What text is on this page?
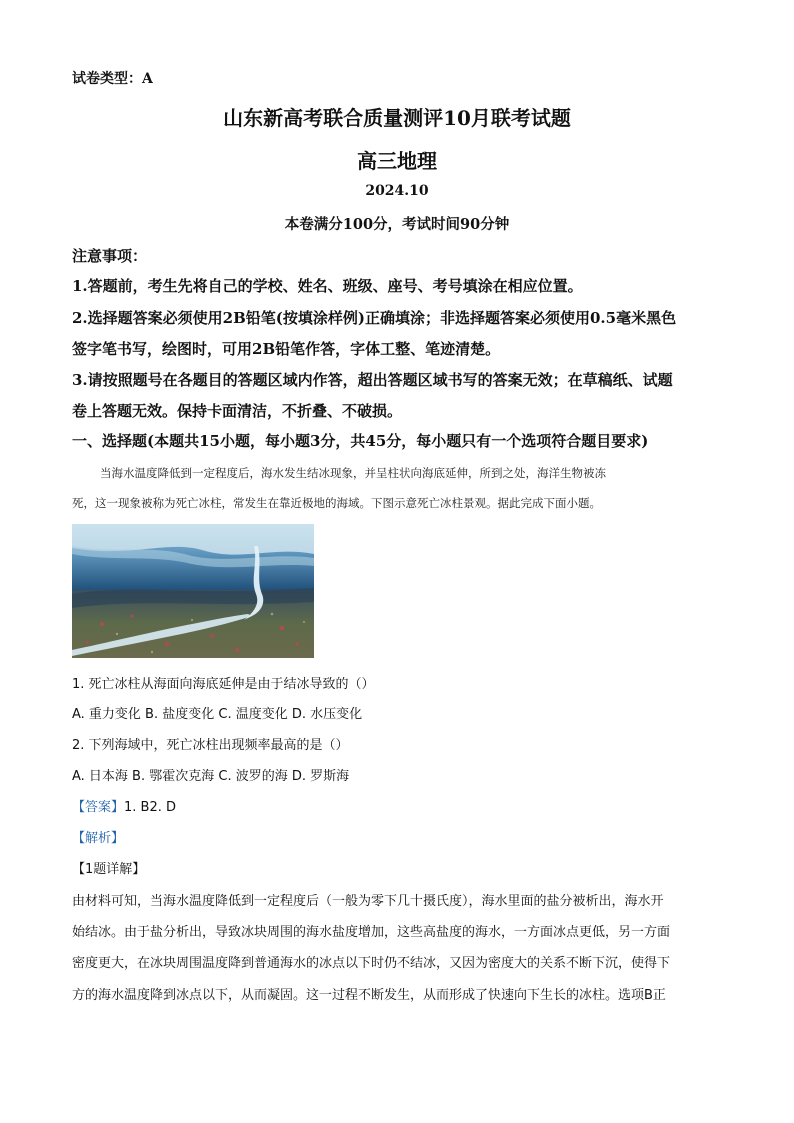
试卷类型：A
山东新高考联合质量测评10月联考试题
高三地理
2024.10
本卷满分100分，考试时间90分钟
注意事项：
1.答题前，考生先将自己的学校、姓名、班级、座号、考号填涂在相应位置。
2.选择题答案必须使用2B铅笔(按填涂样例)正确填涂；非选择题答案必须使用0.5毫米黑色
签字笔书写，绘图时，可用2B铅笔作答，字体工整、笔迹清楚。
3.请按照题号在各题目的答题区域内作答，超出答题区域书写的答案无效；在草稿纸、试题
卷上答题无效。保持卡面清洁，不折叠、不破损。
一、选择题(本题共15小题，每小题3分，共45分，每小题只有一个选项符合题目要求)
当海水温度降低到一定程度后，海水发生结冰现象，并呈柱状向海底延伸，所到之处，海洋生物被冻
死，这一现象被称为死亡冰柱，常发生在靠近极地的海域。下图示意死亡冰柱景观。据此完成下面小题。
1. 死亡冰柱从海面向海底延伸是由于结冰导致的（）
A. 重力变化 B. 盐度变化 C. 温度变化 D. 水压变化
2. 下列海域中，死亡冰柱出现频率最高的是（）
A. 日本海 B. 鄂霍次克海 C. 波罗的海 D. 罗斯海
【答案】1. B2. D
【解析】
【1题详解】
由材料可知，当海水温度降低到一定程度后（一般为零下几十摄氏度），海水里面的盐分被析出，海水开
始结冰。由于盐分析出，导致冰块周围的海水盐度增加，这些高盐度的海水，一方面冰点更低，另一方面
密度更大，在冰块周围温度降到普通海水的冰点以下时仍不结冰，又因为密度大的关系不断下沉，使得下
方的海水温度降到冰点以下，从而凝固。这一过程不断发生，从而形成了快速向下生长的冰柱。选项B正
